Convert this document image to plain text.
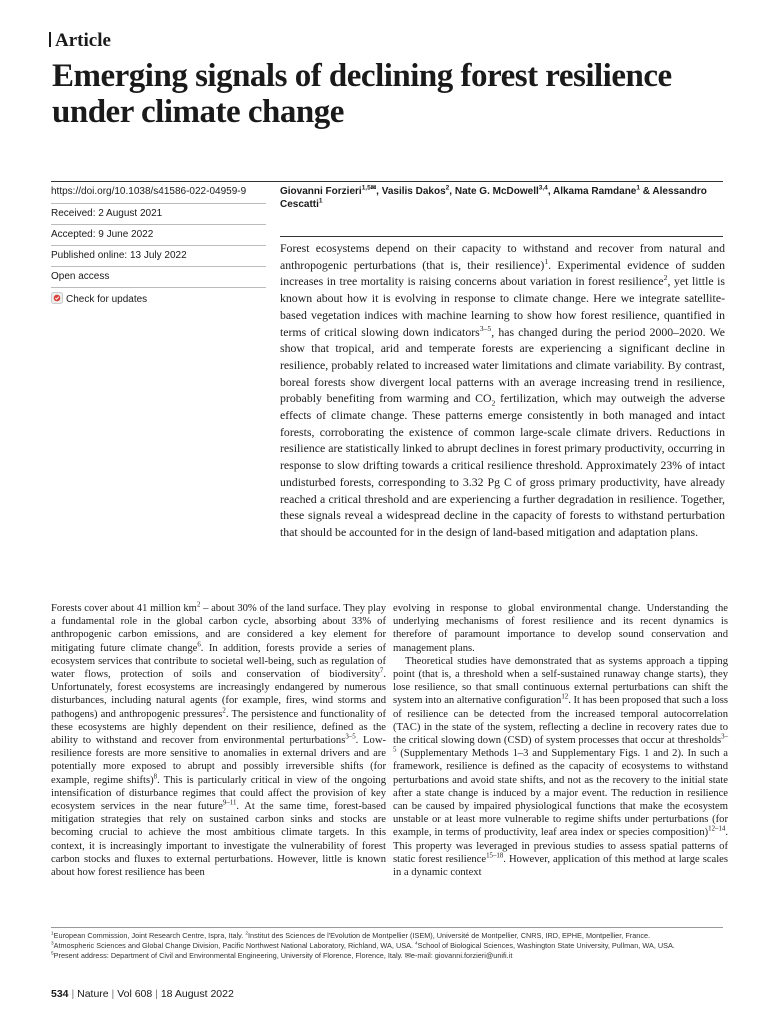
Article
Emerging signals of declining forest resilience under climate change
https://doi.org/10.1038/s41586-022-04959-9
Received: 2 August 2021
Accepted: 9 June 2022
Published online: 13 July 2022
Open access
Check for updates
Giovanni Forzieri$^{1,5✉}$, Vasilis Dakos$^2$, Nate G. McDowell$^{3,4}$, Alkama Ramdane$^1$ & Alessandro Cescatti$^1$

Forest ecosystems depend on their capacity to withstand and recover from natural and anthropogenic perturbations (that is, their resilience)$^1$. Experimental evidence of sudden increases in tree mortality is raising concerns about variation in forest resilience$^2$, yet little is known about how it is evolving in response to climate change. Here we integrate satellite-based vegetation indices with machine learning to show how forest resilience, quantified in terms of critical slowing down indicators$^{3-5}$, has changed during the period 2000–2020. We show that tropical, arid and temperate forests are experiencing a significant decline in resilience, probably related to increased water limitations and climate variability. By contrast, boreal forests show divergent local patterns with an average increasing trend in resilience, probably benefiting from warming and $CO_2$ fertilization, which may outweigh the adverse effects of climate change. These patterns emerge consistently in both managed and intact forests, corroborating the existence of common large-scale climate drivers. Reductions in resilience are statistically linked to abrupt declines in forest primary productivity, occurring in response to slow drifting towards a critical resilience threshold. Approximately 23% of intact undisturbed forests, corresponding to 3.32 Pg C of gross primary productivity, have already reached a critical threshold and are experiencing a further degradation in resilience. Together, these signals reveal a widespread decline in the capacity of forests to withstand perturbation that should be accounted for in the design of land-based mitigation and adaptation plans.

Forests cover about 41 million $km^2$ – about 30% of the land surface. They play a fundamental role in the global carbon cycle, absorbing about 33% of anthropogenic carbon emissions, and are considered a key element for mitigating future climate change$^6$. In addition, forests provide a series of ecosystem services that contribute to societal well-being, such as regulation of water flows, protection of soils and conservation of biodiversity$^7$. Unfortunately, forest ecosystems are increasingly endangered by numerous disturbances, including natural agents (for example, fires, wind storms and pathogens) and anthropogenic pressures$^2$. The persistence and functionality of these ecosystems are highly dependent on their resilience, defined as the ability to withstand and recover from environmental perturbations$^{3-5}$. Low-resilience forests are more sensitive to anomalies in external drivers and are potentially more exposed to abrupt and possibly irreversible shifts (for example, regime shifts)$^8$. This is particularly critical in view of the ongoing intensification of disturbance regimes that could affect the provision of key ecosystem services in the near future$^{9-11}$. At the same time, forest-based mitigation strategies that rely on sustained carbon sinks and stocks are becoming crucial to achieve the most ambitious climate targets. In this context, it is increasingly important to investigate the vulnerability of forest carbon stocks and fluxes to external perturbations. However, little is known about how forest resilience has been

evolving in response to global environmental change. Understanding the underlying mechanisms of forest resilience and its recent dynamics is therefore of paramount importance to develop sound conservation and management plans.

Theoretical studies have demonstrated that as systems approach a tipping point (that is, a threshold when a self-sustained runaway change starts), they lose resilience, so that small continuous external perturbations can shift the system into an alternative configuration$^{12}$. It has been proposed that such a loss of resilience can be detected from the increased temporal autocorrelation (TAC) in the state of the system, reflecting a decline in recovery rates due to the critical slowing down (CSD) of system processes that occur at thresholds$^{3-5}$ (Supplementary Methods 1–3 and Supplementary Figs. 1 and 2). In such a framework, resilience is defined as the capacity of ecosystems to withstand perturbations and avoid state shifts, and not as the recovery to the initial state after a state change is induced by a major event. The reduction in resilience can be caused by impaired physiological functions that make the ecosystem unstable or at least more vulnerable to regime shifts under perturbations (for example, in terms of productivity, leaf area index or species composition)$^{12-14}$. This property was leveraged in previous studies to assess spatial patterns of static forest resilience$^{15-18}$. However, application of this method at large scales in a dynamic context

$^1$European Commission, Joint Research Centre, Ispra, Italy. $^2$Institut des Sciences de l'Evolution de Montpellier (ISEM), Université de Montpellier, CNRS, IRD, EPHE, Montpellier, France.
$^3$Atmospheric Sciences and Global Change Division, Pacific Northwest National Laboratory, Richland, WA, USA. $^4$School of Biological Sciences, Washington State University, Pullman, WA, USA.
$^5$Present address: Department of Civil and Environmental Engineering, University of Florence, Florence, Italy. ✉e-mail: giovanni.forzieri@unifi.it
534 | Nature | Vol 608 | 18 August 2022
